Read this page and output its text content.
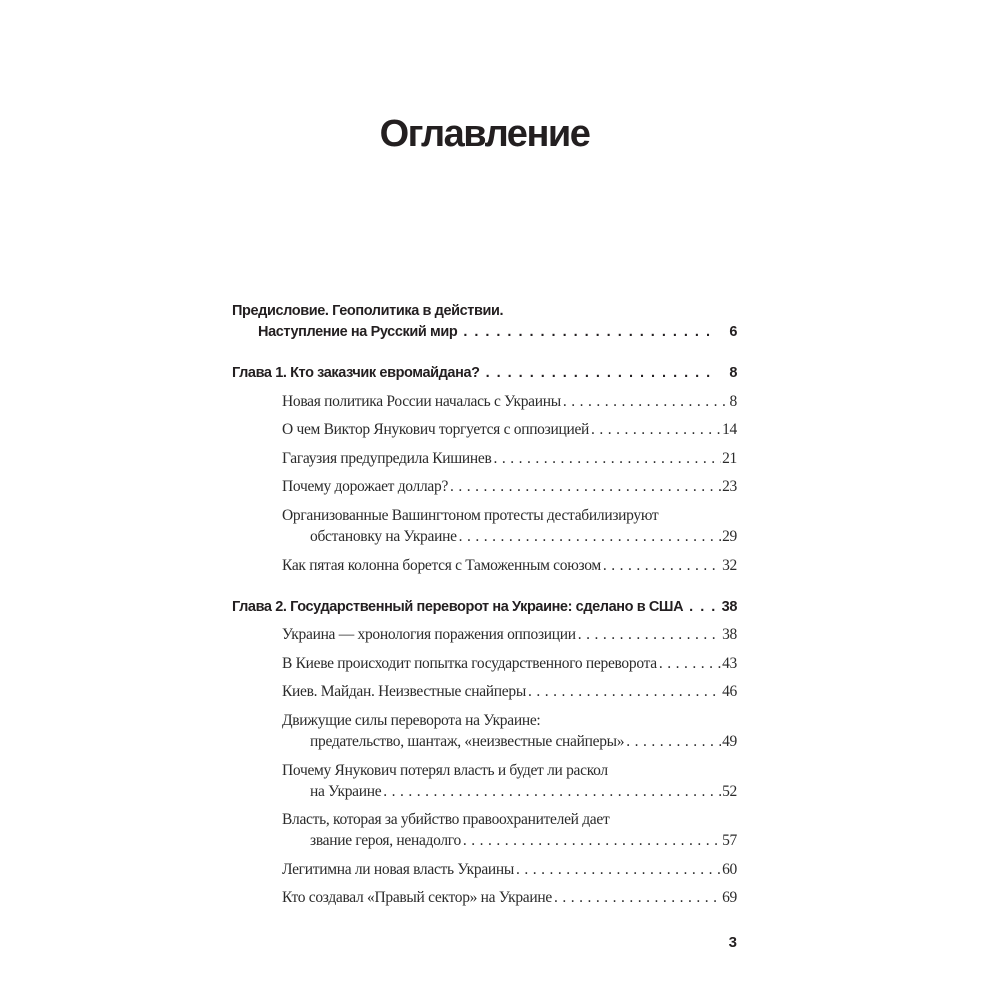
Оглавление
Предисловие. Геополитика в действии.
Наступление на Русский мир .....	6
Глава 1. Кто заказчик евромайдана? .....	8
Новая политика России началась с Украины .....	8
О чем Виктор Янукович торгуется с оппозицией .....	14
Гагаузия предупредила Кишинев .....	21
Почему дорожает доллар? .....	23
Организованные Вашингтоном протесты дестабилизируют
обстановку на Украине .....	29
Как пятая колонна борется с Таможенным союзом .....	32
Глава 2. Государственный переворот на Украине: сделано в США .....	38
Украина — хронология поражения оппозиции .....	38
В Киеве происходит попытка государственного переворота .....	43
Киев. Майдан. Неизвестные снайперы .....	46
Движущие силы переворота на Украине:
предательство, шантаж, «неизвестные снайперы» .....	49
Почему Янукович потерял власть и будет ли раскол
на Украине .....	52
Власть, которая за убийство правоохранителей дает
звание героя, ненадолго .....	57
Легитимна ли новая власть Украины .....	60
Кто создавал «Правый сектор» на Украине .....	69
3
